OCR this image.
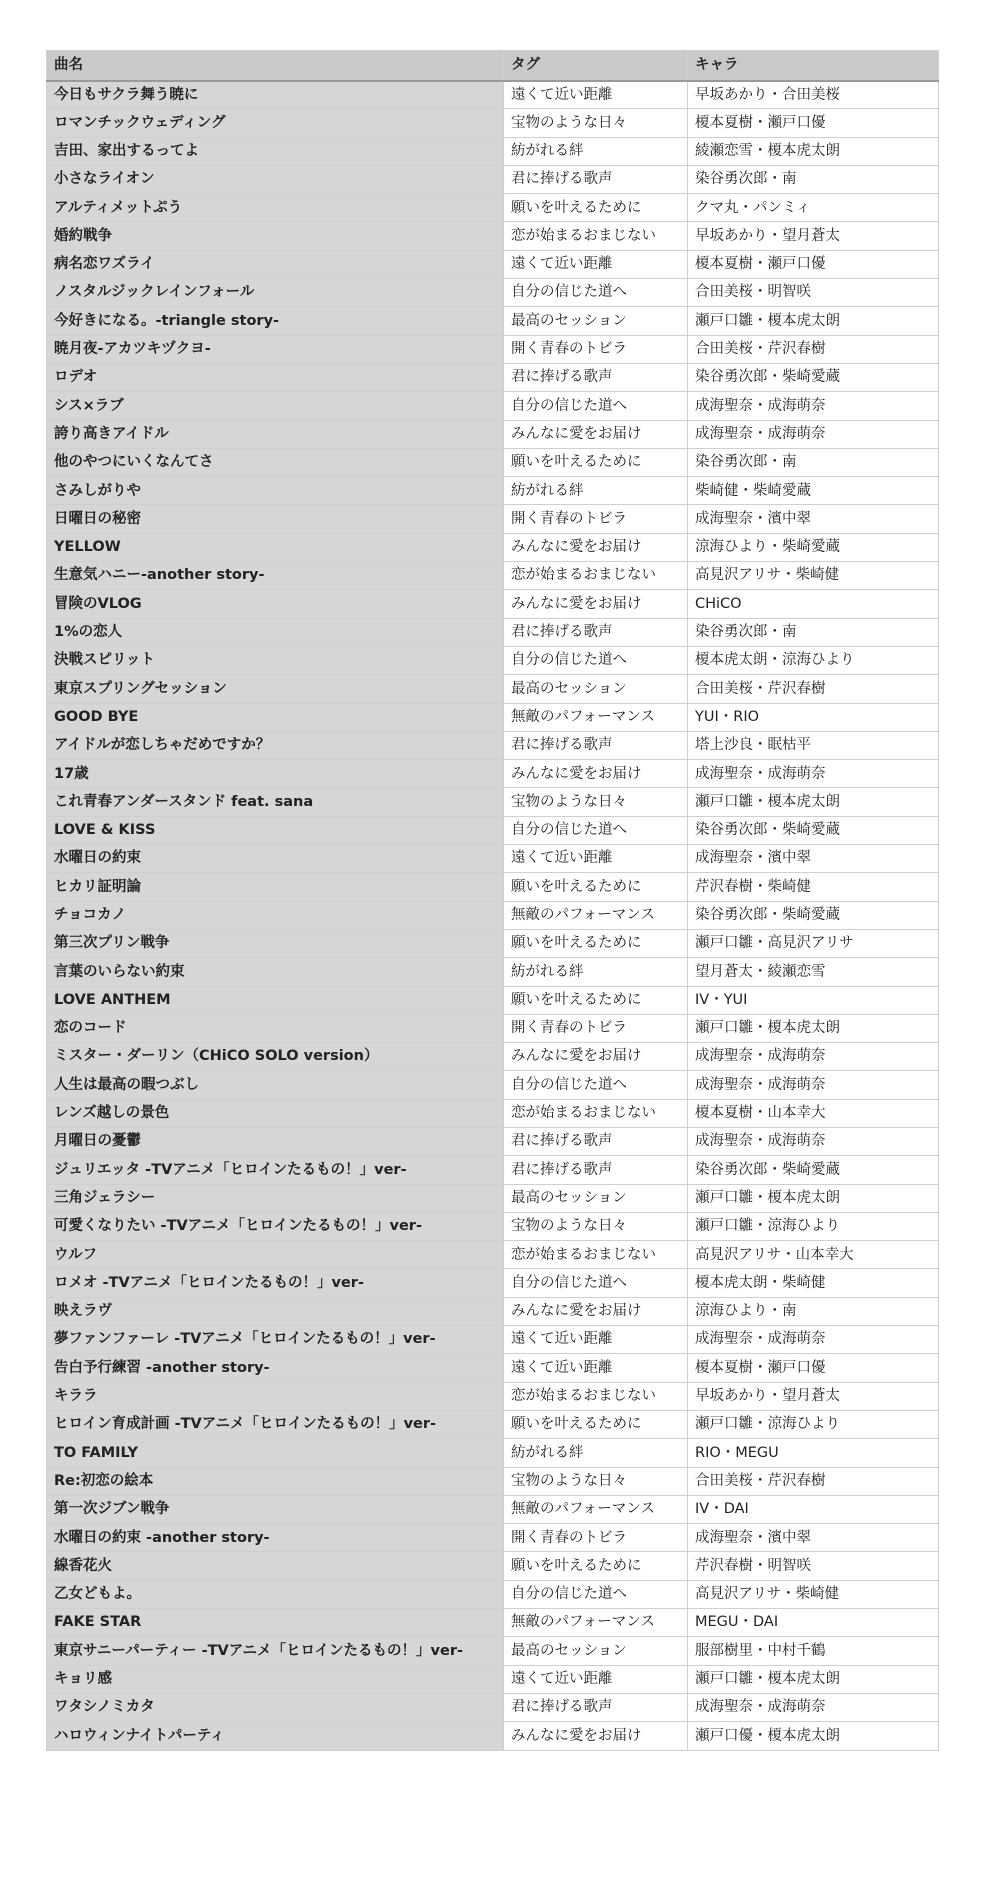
曲名	タグ	キャラ
今日もサクラ舞う暁に	遠くて近い距離	早坂あかり・合田美桜
ロマンチックウェディング	宝物のような日々	榎本夏樹・瀬戸口優
吉田、家出するってよ	紡がれる絆	綾瀬恋雪・榎本虎太朗
小さなライオン	君に捧げる歌声	染谷勇次郎・南
アルティメットぷう	願いを叶えるために	クマ丸・パンミィ
婚約戦争	恋が始まるおまじない	早坂あかり・望月蒼太
病名恋ワズライ	遠くて近い距離	榎本夏樹・瀬戸口優
ノスタルジックレインフォール	自分の信じた道へ	合田美桜・明智咲
今好きになる。-triangle story-	最高のセッション	瀬戸口雛・榎本虎太朗
暁月夜-アカツキヅクヨ-	開く青春のトビラ	合田美桜・芹沢春樹
ロデオ	君に捧げる歌声	染谷勇次郎・柴崎愛蔵
シス×ラブ	自分の信じた道へ	成海聖奈・成海萌奈
誇り高きアイドル	みんなに愛をお届け	成海聖奈・成海萌奈
他のやつにいくなんてさ	願いを叶えるために	染谷勇次郎・南
さみしがりや	紡がれる絆	柴崎健・柴崎愛蔵
日曜日の秘密	開く青春のトビラ	成海聖奈・濱中翠
YELLOW	みんなに愛をお届け	涼海ひより・柴崎愛蔵
生意気ハニー-another story-	恋が始まるおまじない	高見沢アリサ・柴崎健
冒険のVLOG	みんなに愛をお届け	CHiCO
1%の恋人	君に捧げる歌声	染谷勇次郎・南
決戦スピリット	自分の信じた道へ	榎本虎太朗・涼海ひより
東京スプリングセッション	最高のセッション	合田美桜・芹沢春樹
GOOD BYE	無敵のパフォーマンス	YUI・RIO
アイドルが恋しちゃだめですか？	君に捧げる歌声	塔上沙良・眠枯平
17歳	みんなに愛をお届け	成海聖奈・成海萌奈
これ青春アンダースタンド feat. sana	宝物のような日々	瀬戸口雛・榎本虎太朗
LOVE & KISS	自分の信じた道へ	染谷勇次郎・柴崎愛蔵
水曜日の約束	遠くて近い距離	成海聖奈・濱中翠
ヒカリ証明論	願いを叶えるために	芹沢春樹・柴崎健
チョコカノ	無敵のパフォーマンス	染谷勇次郎・柴崎愛蔵
第三次プリン戦争	願いを叶えるために	瀬戸口雛・高見沢アリサ
言葉のいらない約束	紡がれる絆	望月蒼太・綾瀬恋雪
LOVE ANTHEM	願いを叶えるために	IV・YUI
恋のコード	開く青春のトビラ	瀬戸口雛・榎本虎太朗
ミスター・ダーリン（CHiCO SOLO version）	みんなに愛をお届け	成海聖奈・成海萌奈
人生は最高の暇つぶし	自分の信じた道へ	成海聖奈・成海萌奈
レンズ越しの景色	恋が始まるおまじない	榎本夏樹・山本幸大
月曜日の憂鬱	君に捧げる歌声	成海聖奈・成海萌奈
ジュリエッタ -TVアニメ「ヒロインたるもの！」ver-	君に捧げる歌声	染谷勇次郎・柴崎愛蔵
三角ジェラシー	最高のセッション	瀬戸口雛・榎本虎太朗
可愛くなりたい -TVアニメ「ヒロインたるもの！」ver-	宝物のような日々	瀬戸口雛・涼海ひより
ウルフ	恋が始まるおまじない	高見沢アリサ・山本幸大
ロメオ -TVアニメ「ヒロインたるもの！」ver-	自分の信じた道へ	榎本虎太朗・柴崎健
映えラヴ	みんなに愛をお届け	涼海ひより・南
夢ファンファーレ -TVアニメ「ヒロインたるもの！」ver-	遠くて近い距離	成海聖奈・成海萌奈
告白予行練習 -another story-	遠くて近い距離	榎本夏樹・瀬戸口優
キララ	恋が始まるおまじない	早坂あかり・望月蒼太
ヒロイン育成計画 -TVアニメ「ヒロインたるもの！」ver-	願いを叶えるために	瀬戸口雛・涼海ひより
TO FAMILY	紡がれる絆	RIO・MEGU
Re:初恋の絵本	宝物のような日々	合田美桜・芹沢春樹
第一次ジブン戦争	無敵のパフォーマンス	IV・DAI
水曜日の約束 -another story-	開く青春のトビラ	成海聖奈・濱中翠
線香花火	願いを叶えるために	芹沢春樹・明智咲
乙女どもよ。	自分の信じた道へ	高見沢アリサ・柴崎健
FAKE STAR	無敵のパフォーマンス	MEGU・DAI
東京サニーパーティー -TVアニメ「ヒロインたるもの！」ver-	最高のセッション	服部樹里・中村千鶴
キョリ感	遠くて近い距離	瀬戸口雛・榎本虎太朗
ワタシノミカタ	君に捧げる歌声	成海聖奈・成海萌奈
ハロウィンナイトパーティ	みんなに愛をお届け	瀬戸口優・榎本虎太朗
